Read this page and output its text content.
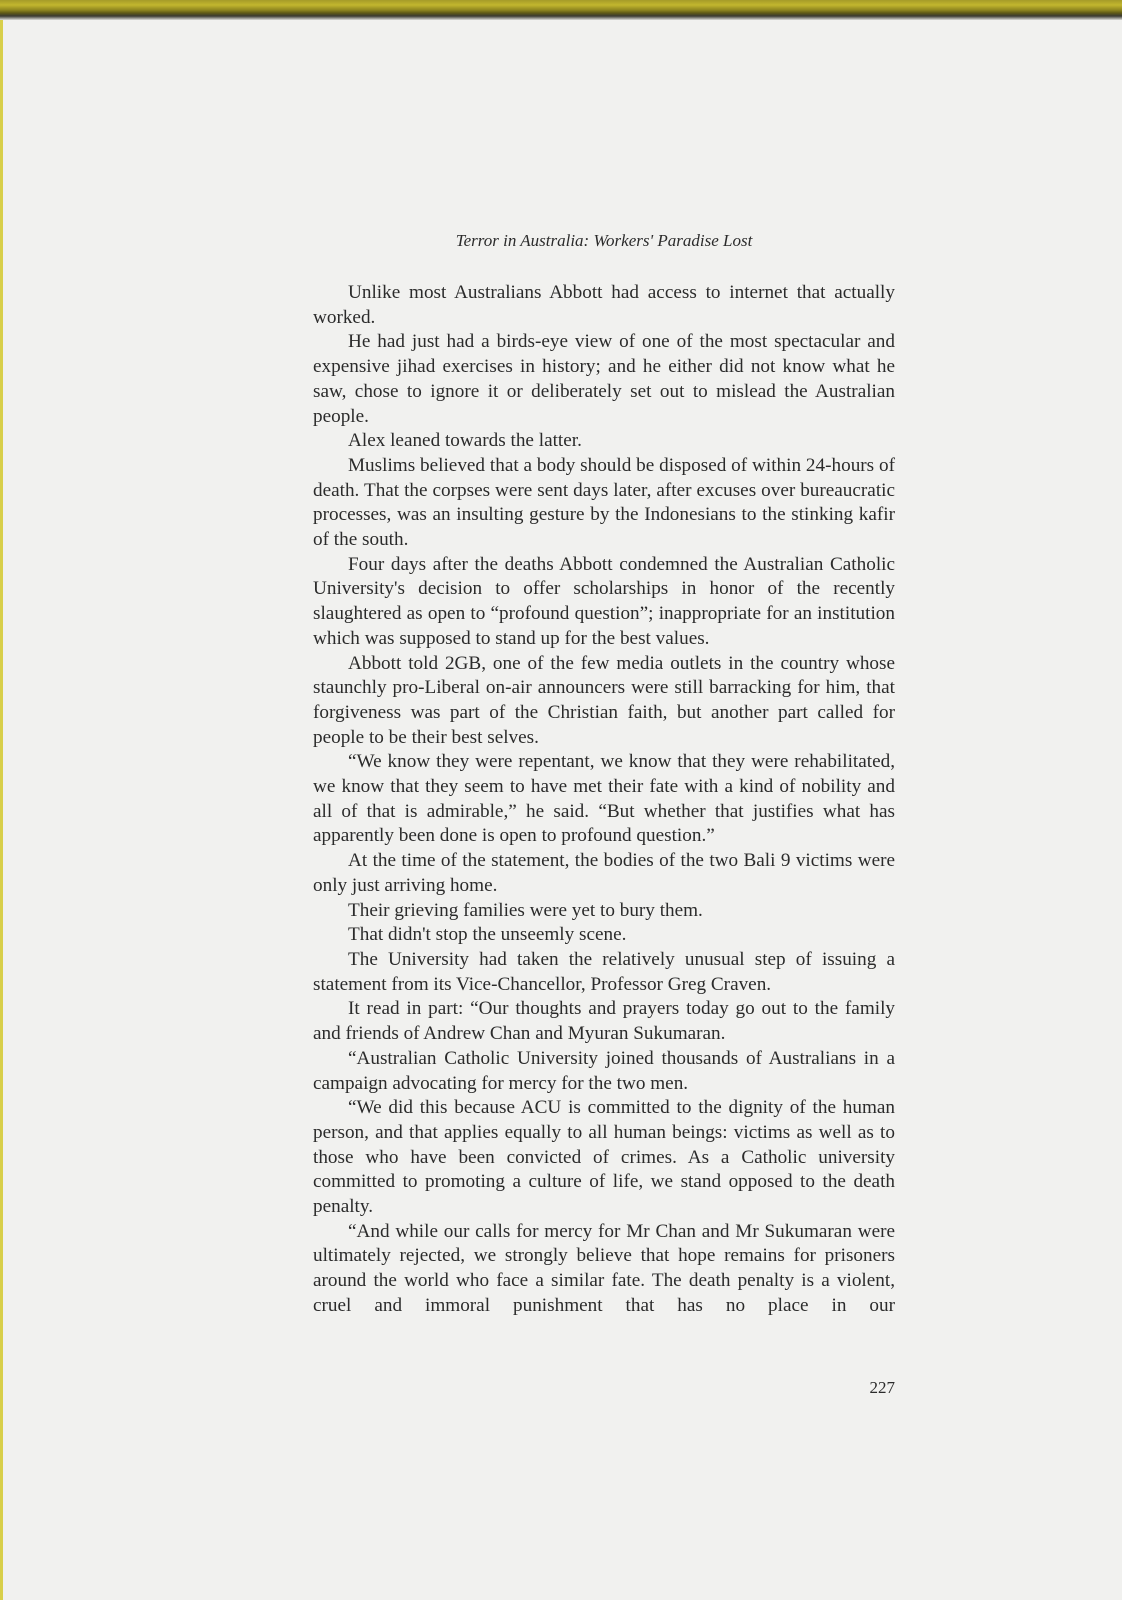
Terror in Australia: Workers' Paradise Lost

Unlike most Australians Abbott had access to internet that actually worked.

He had just had a birds-eye view of one of the most spectacular and expensive jihad exercises in history; and he either did not know what he saw, chose to ignore it or deliberately set out to mislead the Australian people.

Alex leaned towards the latter.

Muslims believed that a body should be disposed of within 24-hours of death. That the corpses were sent days later, after excuses over bureaucratic processes, was an insulting gesture by the Indonesians to the stinking kafir of the south.

Four days after the deaths Abbott condemned the Australian Catholic University's decision to offer scholarships in honor of the recently slaughtered as open to “profound question”; inappropriate for an institution which was supposed to stand up for the best values.

Abbott told 2GB, one of the few media outlets in the country whose staunchly pro-Liberal on-air announcers were still barracking for him, that forgiveness was part of the Christian faith, but another part called for people to be their best selves.

“We know they were repentant, we know that they were rehabilitated, we know that they seem to have met their fate with a kind of nobility and all of that is admirable,” he said. “But whether that justifies what has apparently been done is open to profound question.”

At the time of the statement, the bodies of the two Bali 9 victims were only just arriving home.

Their grieving families were yet to bury them.

That didn't stop the unseemly scene.

The University had taken the relatively unusual step of issuing a statement from its Vice-Chancellor, Professor Greg Craven.

It read in part: “Our thoughts and prayers today go out to the family and friends of Andrew Chan and Myuran Sukumaran.

“Australian Catholic University joined thousands of Australians in a campaign advocating for mercy for the two men.

“We did this because ACU is committed to the dignity of the human person, and that applies equally to all human beings: victims as well as to those who have been convicted of crimes. As a Catholic university committed to promoting a culture of life, we stand opposed to the death penalty.

“And while our calls for mercy for Mr Chan and Mr Sukumaran were ultimately rejected, we strongly believe that hope remains for prisoners around the world who face a similar fate. The death penalty is a violent, cruel and immoral punishment that has no place in our

227
